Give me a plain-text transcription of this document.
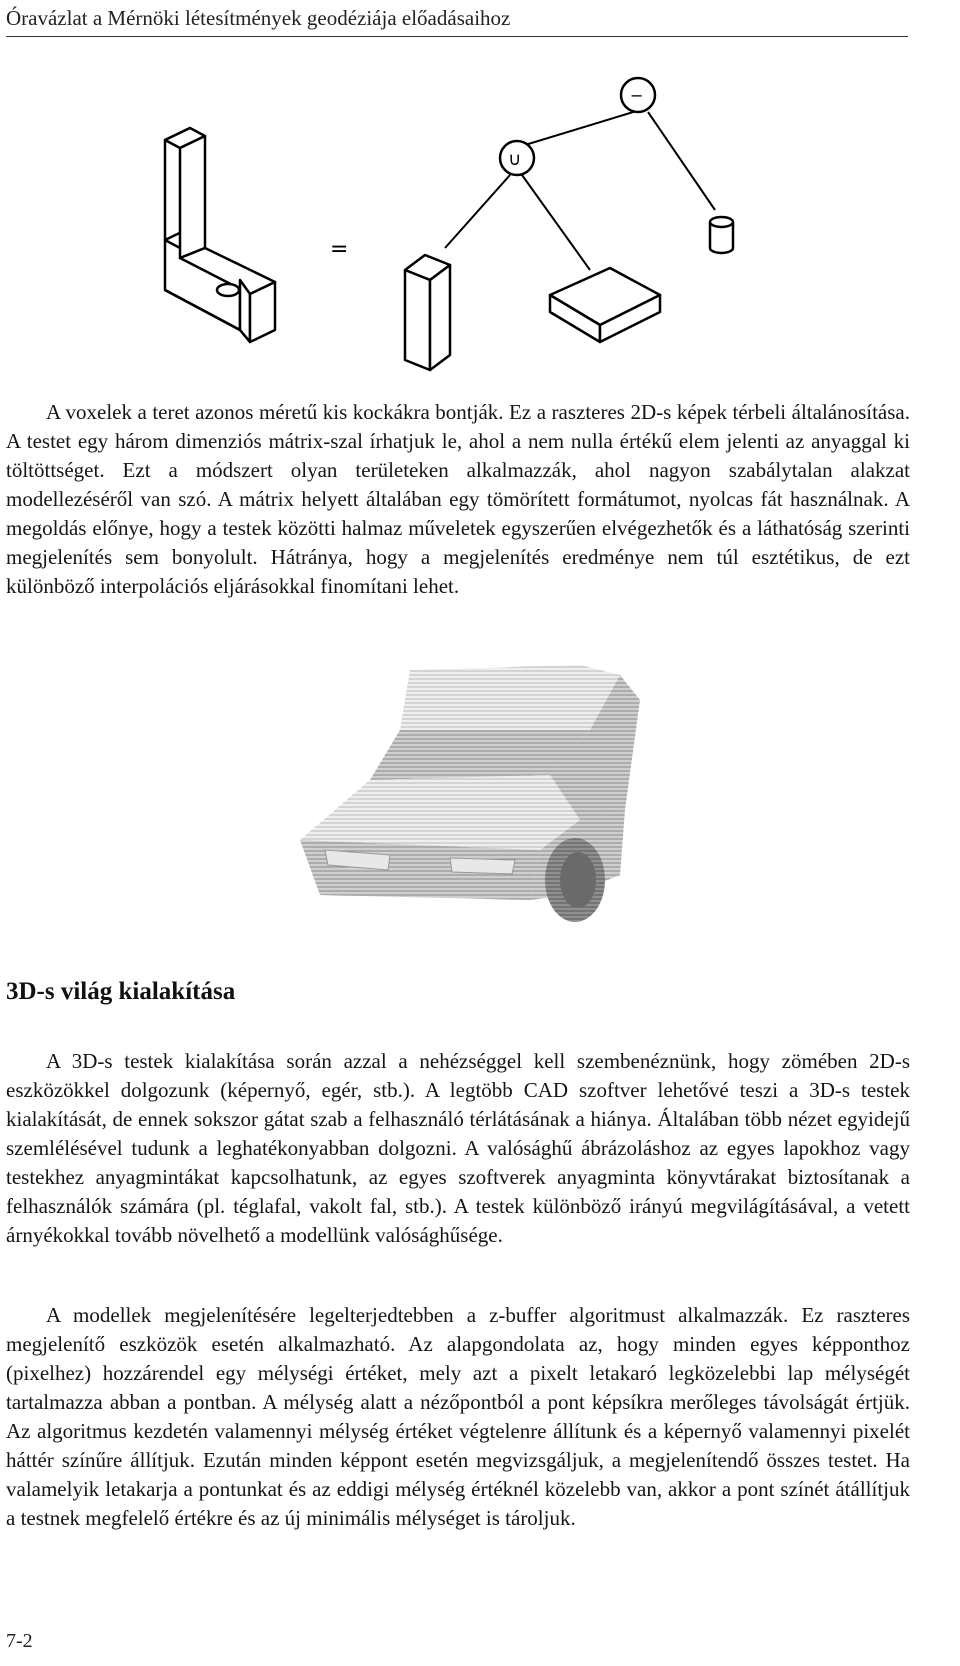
Óravázlat a Mérnöki létesítmények geodéziája előadásaihoz
=
−
∪

A voxelek a teret azonos méretű kis kockákra bontják. Ez a raszteres 2D-s képek térbeli általánosítása. A testet egy három dimenziós mátrix-szal írhatjuk le, ahol a nem nulla értékű elem jelenti az anyaggal ki töltöttséget. Ezt a módszert olyan területeken alkalmazzák, ahol nagyon szabálytalan alakzat modellezéséről van szó. A mátrix helyett általában egy tömörített formátumot, nyolcas fát használnak. A megoldás előnye, hogy a testek közötti halmaz műveletek egyszerűen elvégezhetők és a láthatóság szerinti megjelenítés sem bonyolult. Hátránya, hogy a megjelenítés eredménye nem túl esztétikus, de ezt különböző interpolációs eljárásokkal finomítani lehet.

3D-s világ kialakítása

A 3D-s testek kialakítása során azzal a nehézséggel kell szembenéznünk, hogy zömében 2D-s eszközökkel dolgozunk (képernyő, egér, stb.). A legtöbb CAD szoftver lehetővé teszi a 3D-s testek kialakítását, de ennek sokszor gátat szab a felhasználó térlátásának a hiánya. Általában több nézet egyidejű szemlélésével tudunk a leghatékonyabban dolgozni. A valósághű ábrázoláshoz az egyes lapokhoz vagy testekhez anyagmintákat kapcsolhatunk, az egyes szoftverek anyagminta könyvtárakat biztosítanak a felhasználók számára (pl. téglafal, vakolt fal, stb.). A testek különböző irányú megvilágításával, a vetett árnyékokkal tovább növelhető a modellünk valósághűsége.

A modellek megjelenítésére legelterjedtebben a z-buffer algoritmust alkalmazzák. Ez raszteres megjelenítő eszközök esetén alkalmazható. Az alapgondolata az, hogy minden egyes képponthoz (pixelhez) hozzárendel egy mélységi értéket, mely azt a pixelt letakaró legközelebbi lap mélységét tartalmazza abban a pontban. A mélység alatt a nézőpontból a pont képsíkra merőleges távolságát értjük. Az algoritmus kezdetén valamennyi mélység értéket végtelenre állítunk és a képernyő valamennyi pixelét háttér színűre állítjuk. Ezután minden képpont esetén megvizsgáljuk, a megjelenítendő összes testet. Ha valamelyik letakarja a pontunkat és az eddigi mélység értéknél közelebb van, akkor a pont színét átállítjuk a testnek megfelelő értékre és az új minimális mélységet is tároljuk.

7-2
